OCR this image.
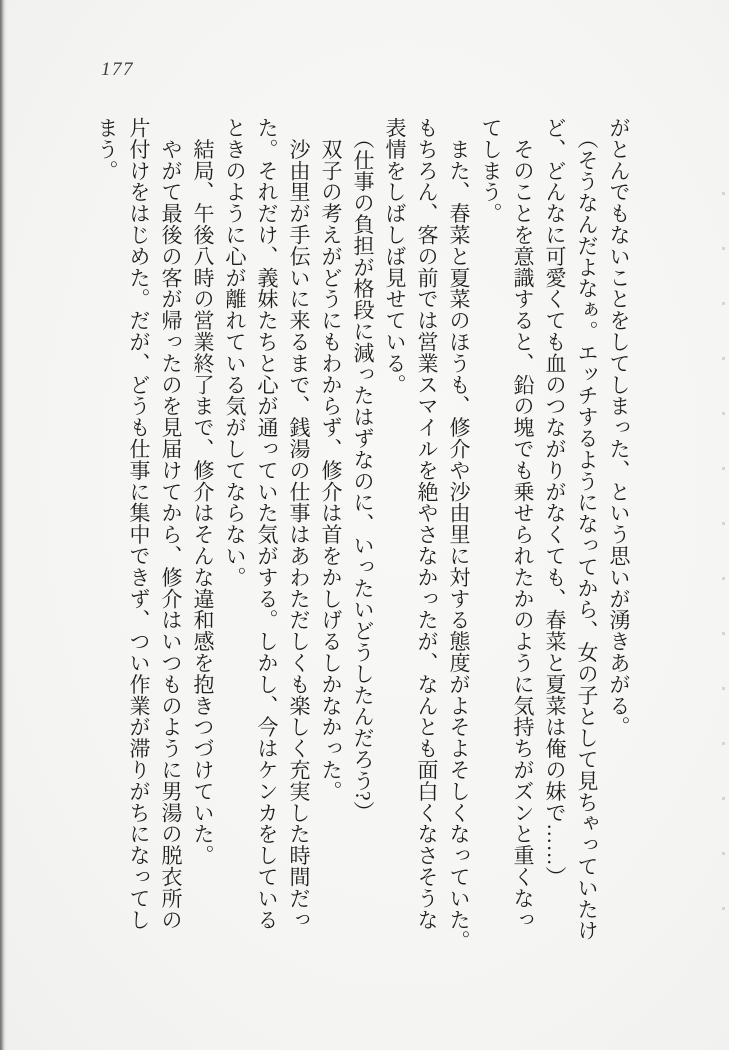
177

がとんでもないことをしてしまった、という思いが湧きあがる。

　（そうなんだよなぁ。エッチするようになってから、女の子として見ちゃっていたけ

ど、どんなに可愛くても血のつながりがなくても、春菜と夏菜は俺の妹で……）

　そのことを意識すると、鉛の塊でも乗せられたかのように気持ちがズンと重くなっ

てしまう。

　また、春菜と夏菜のほうも、修介や沙由里に対する態度がよそよそしくなっていた。

もちろん、客の前では営業スマイルを絶やさなかったが、なんとも面白くなさそうな

表情をしばしば見せている。

　（仕事の負担が格段に減ったはずなのに、いったいどうしたんだろう?）

　双子の考えがどうにもわからず、修介は首をかしげるしかなかった。

　沙由里が手伝いに来るまで、銭湯の仕事はあわただしくも楽しく充実した時間だっ

た。それだけ、義妹たちと心が通っていた気がする。しかし、今はケンカをしている

ときのように心が離れている気がしてならない。

　結局、午後八時の営業終了まで、修介はそんな違和感を抱きつづけていた。

　やがて最後の客が帰ったのを見届けてから、修介はいつものように男湯の脱衣所の

片付けをはじめた。だが、どうも仕事に集中できず、つい作業が滞りがちになってし

まう。
